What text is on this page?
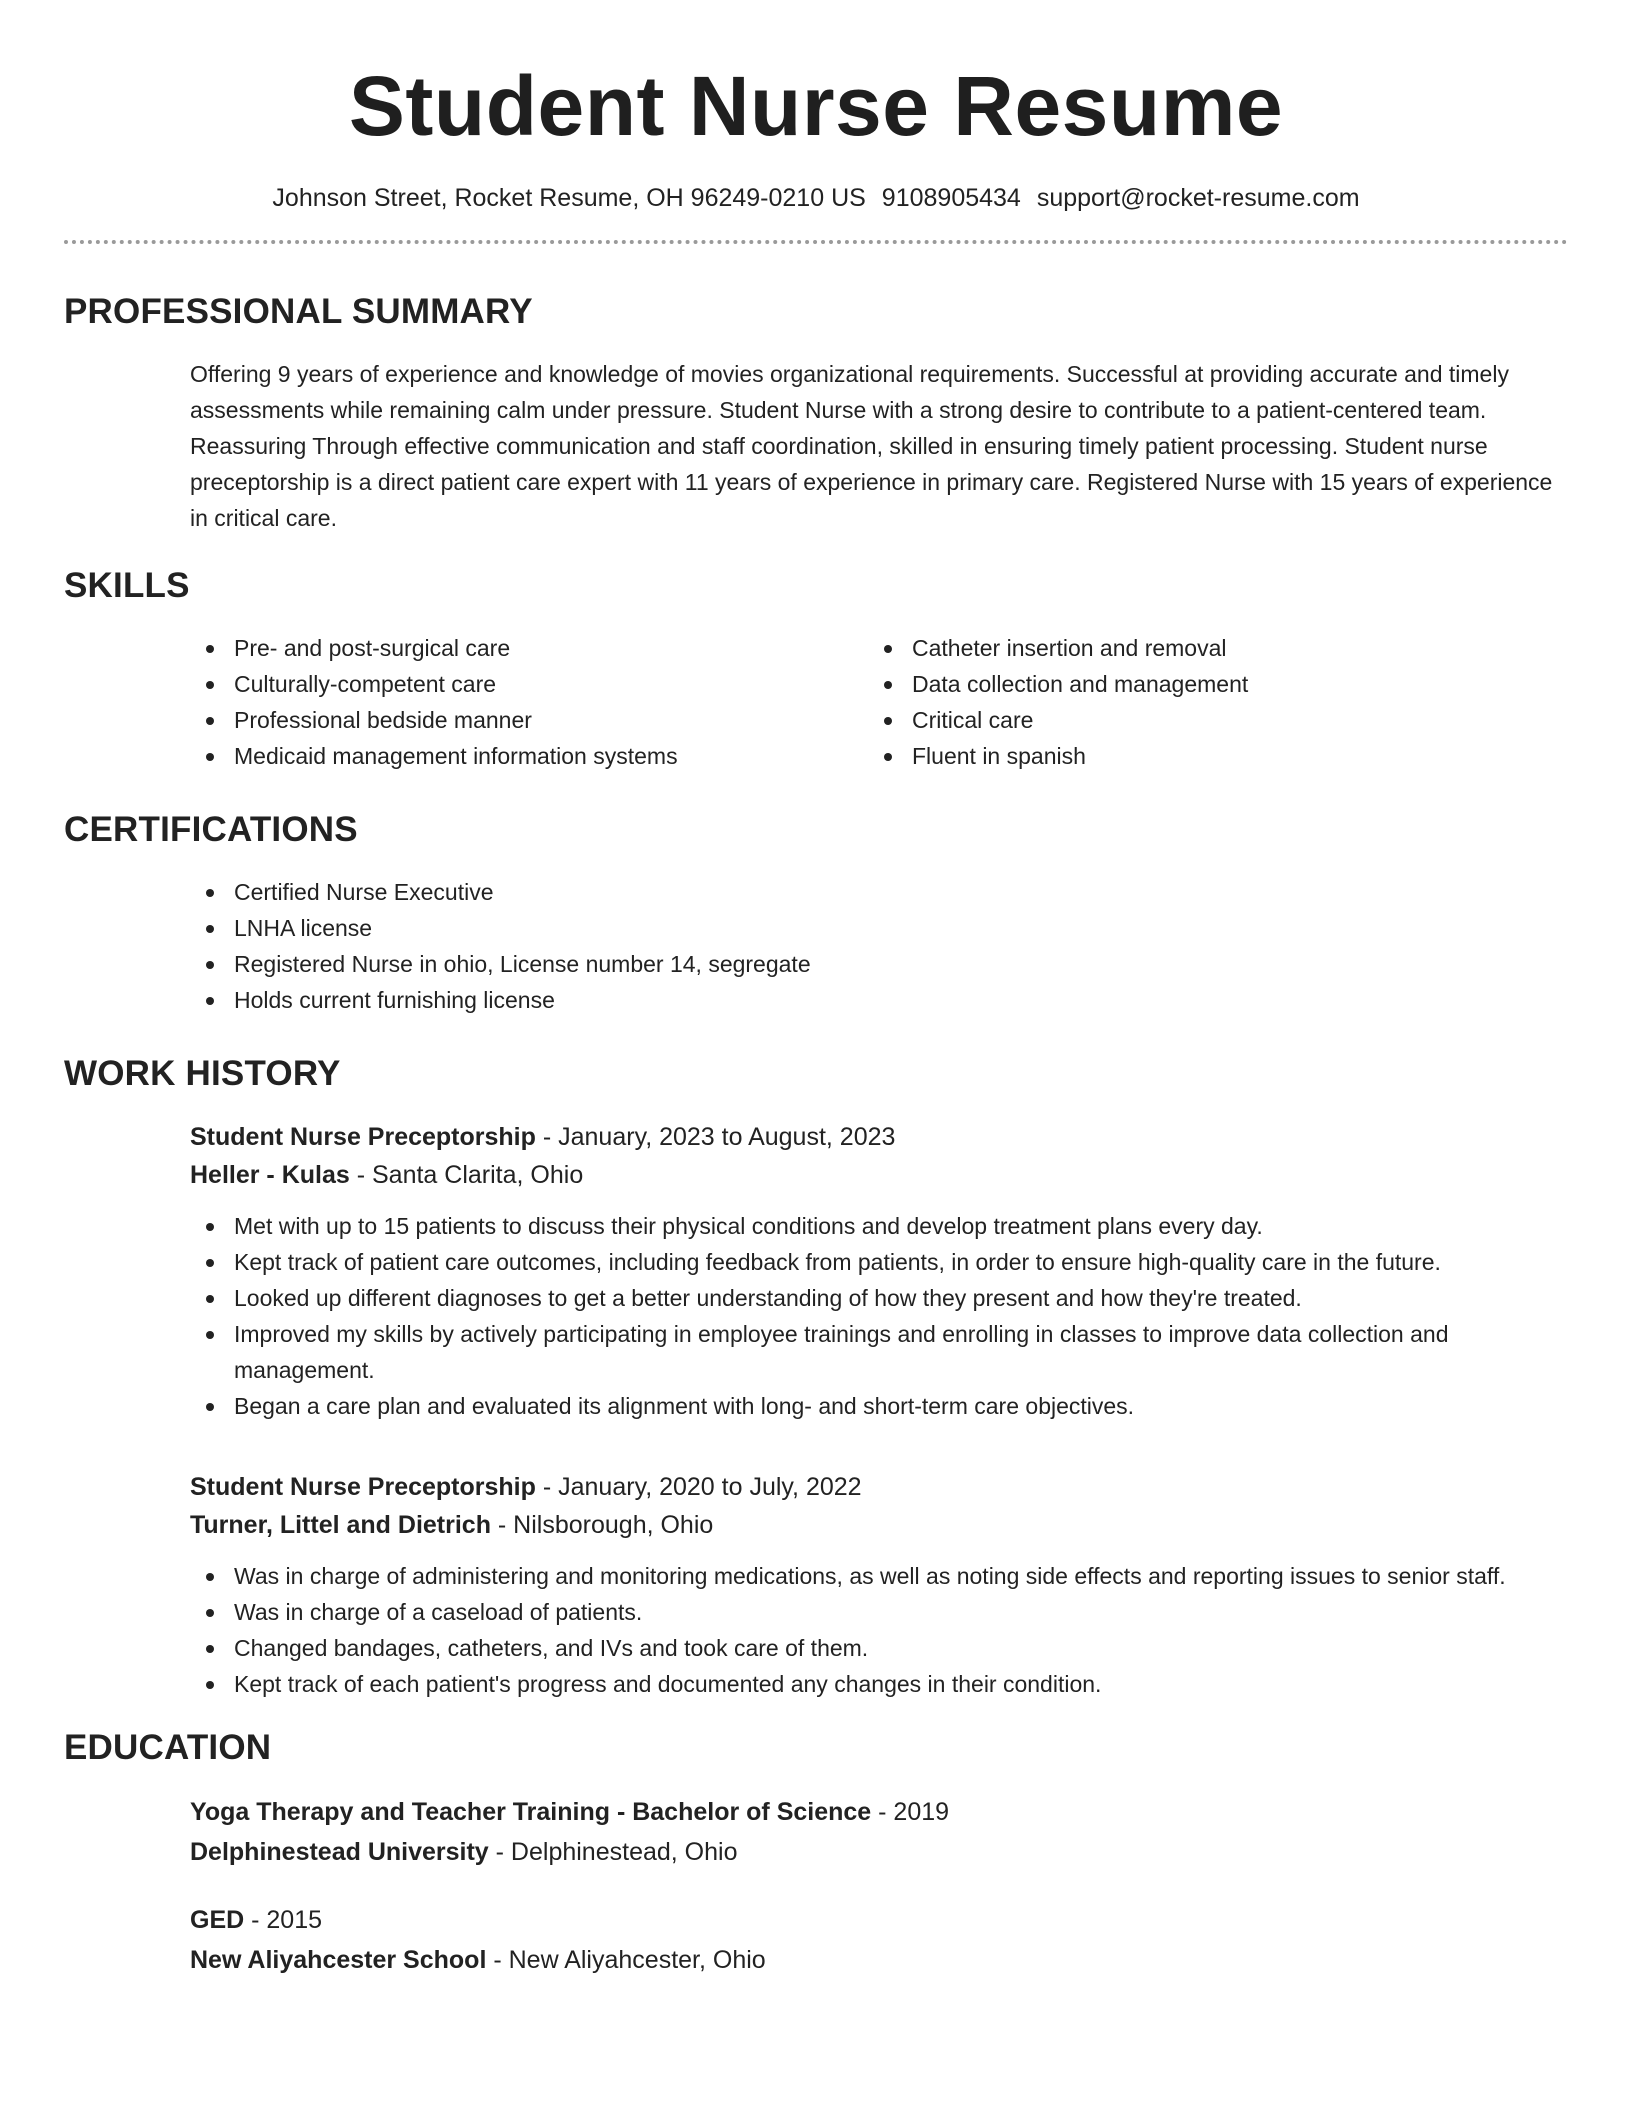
Student Nurse Resume
Johnson Street, Rocket Resume, OH 96249-0210 US 9108905434 support@rocket-resume.com
PROFESSIONAL SUMMARY

Offering 9 years of experience and knowledge of movies organizational requirements. Successful at providing accurate and timely assessments while remaining calm under pressure. Student Nurse with a strong desire to contribute to a patient-centered team. Reassuring Through effective communication and staff coordination, skilled in ensuring timely patient processing. Student nurse preceptorship is a direct patient care expert with 11 years of experience in primary care. Registered Nurse with 15 years of experience in critical care.

SKILLS
Pre- and post-surgical care
Culturally-competent care
Professional bedside manner
Medicaid management information systems
Catheter insertion and removal
Data collection and management
Critical care
Fluent in spanish
CERTIFICATIONS
Certified Nurse Executive
LNHA license
Registered Nurse in ohio, License number 14, segregate
Holds current furnishing license
WORK HISTORY
Student Nurse Preceptorship - January, 2023 to August, 2023
Heller - Kulas - Santa Clarita, Ohio
Met with up to 15 patients to discuss their physical conditions and develop treatment plans every day.
Kept track of patient care outcomes, including feedback from patients, in order to ensure high-quality care in the future.
Looked up different diagnoses to get a better understanding of how they present and how they're treated.
Improved my skills by actively participating in employee trainings and enrolling in classes to improve data collection and management.
Began a care plan and evaluated its alignment with long- and short-term care objectives.
Student Nurse Preceptorship - January, 2020 to July, 2022
Turner, Littel and Dietrich - Nilsborough, Ohio
Was in charge of administering and monitoring medications, as well as noting side effects and reporting issues to senior staff.
Was in charge of a caseload of patients.
Changed bandages, catheters, and IVs and took care of them.
Kept track of each patient's progress and documented any changes in their condition.
EDUCATION
Yoga Therapy and Teacher Training - Bachelor of Science - 2019
Delphinestead University - Delphinestead, Ohio
GED - 2015
New Aliyahcester School - New Aliyahcester, Ohio
